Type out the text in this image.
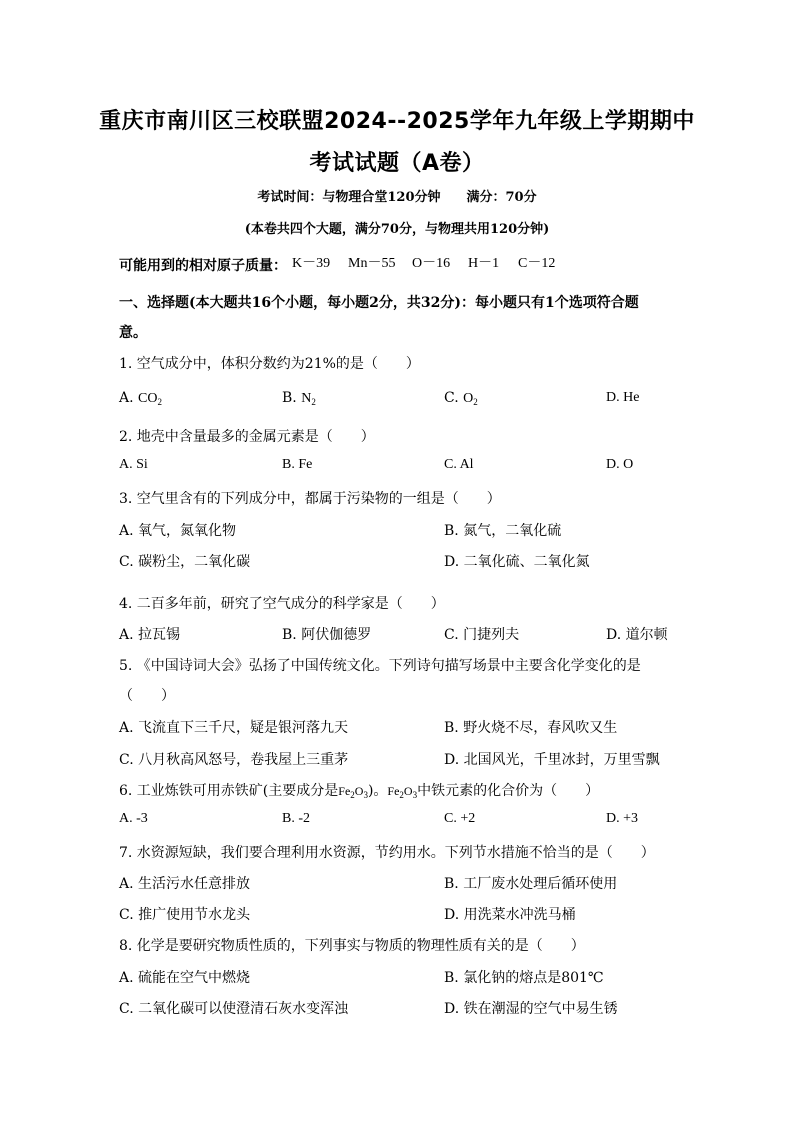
重庆市南川区三校联盟2024--2025学年九年级上学期期中
考试试题（A卷）
考试时间：与物理合堂120分钟　　满分：70分
(本卷共四个大题，满分70分，与物理共用120分钟)
可能用到的相对原子质量： K－39 Mn－55 O－16 H－1 C－12
一、选择题(本大题共16个小题，每小题2分，共32分)：每小题只有1个选项符合题
意。
1. 空气成分中，体积分数约为21%的是（　　）
A. $CO_2$	B. $N_2$	C. $O_2$	D. He
2. 地壳中含量最多的金属元素是（　　）
A. Si	B. Fe	C. Al	D. O
3. 空气里含有的下列成分中，都属于污染物的一组是（　　）
A. 氧气，氮氧化物	B. 氮气，二氧化硫
C. 碳粉尘，二氧化碳	D. 二氧化硫、二氧化氮
4. 二百多年前，研究了空气成分的科学家是（　　）
A. 拉瓦锡	B. 阿伏伽德罗	C. 门捷列夫	D. 道尔顿
5. 《中国诗词大会》弘扬了中国传统文化。下列诗句描写场景中主要含化学变化的是
（　　）
A. 飞流直下三千尺，疑是银河落九天	B. 野火烧不尽，春风吹又生
C. 八月秋高风怒号，卷我屋上三重茅	D. 北国风光，千里冰封，万里雪飘
6. 工业炼铁可用赤铁矿(主要成分是$Fe_2O_3$)。$Fe_2O_3$中铁元素的化合价为（　　）
A. -3	B. -2	C. +2	D. +3
7. 水资源短缺，我们要合理利用水资源，节约用水。下列节水措施不恰当的是（　　）
A. 生活污水任意排放	B. 工厂废水处理后循环使用
C. 推广使用节水龙头	D. 用洗菜水冲洗马桶
8. 化学是要研究物质性质的，下列事实与物质的物理性质有关的是（　　）
A. 硫能在空气中燃烧	B. 氯化钠的熔点是801℃
C. 二氧化碳可以使澄清石灰水变浑浊	D. 铁在潮湿的空气中易生锈
